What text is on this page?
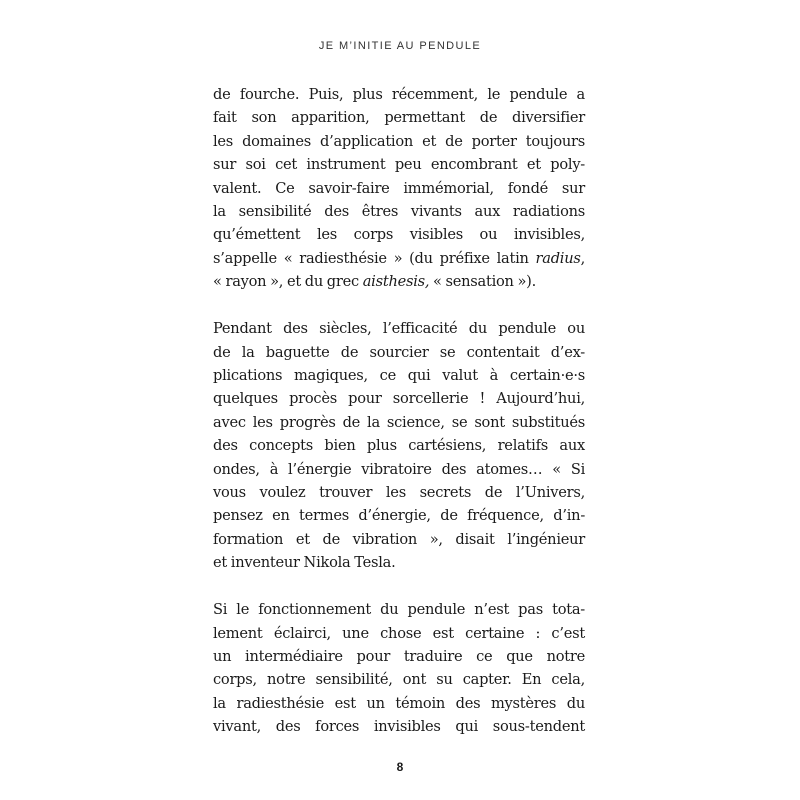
JE M’INITIE AU PENDULE

de fourche. Puis, plus récemment, le pendule a
fait son apparition, permettant de diversifier
les domaines d’application et de porter toujours
sur soi cet instrument peu encombrant et poly-
valent. Ce savoir-faire immémorial, fondé sur
la sensibilité des êtres vivants aux radiations
qu’émettent les corps visibles ou invisibles,
s’appelle « radiesthésie » (du préfixe latin radius,
« rayon », et du grec aisthesis, « sensation »).

Pendant des siècles, l’efficacité du pendule ou
de la baguette de sourcier se contentait d’ex-
plications magiques, ce qui valut à certain·e·s
quelques procès pour sorcellerie ! Aujourd’hui,
avec les progrès de la science, se sont substitués
des concepts bien plus cartésiens, relatifs aux
ondes, à l’énergie vibratoire des atomes… « Si
vous voulez trouver les secrets de l’Univers,
pensez en termes d’énergie, de fréquence, d’in-
formation et de vibration », disait l’ingénieur
et inventeur Nikola Tesla.

Si le fonctionnement du pendule n’est pas tota-
lement éclairci, une chose est certaine : c’est
un intermédiaire pour traduire ce que notre
corps, notre sensibilité, ont su capter. En cela,
la radiesthésie est un témoin des mystères du
vivant, des forces invisibles qui sous-tendent

8
